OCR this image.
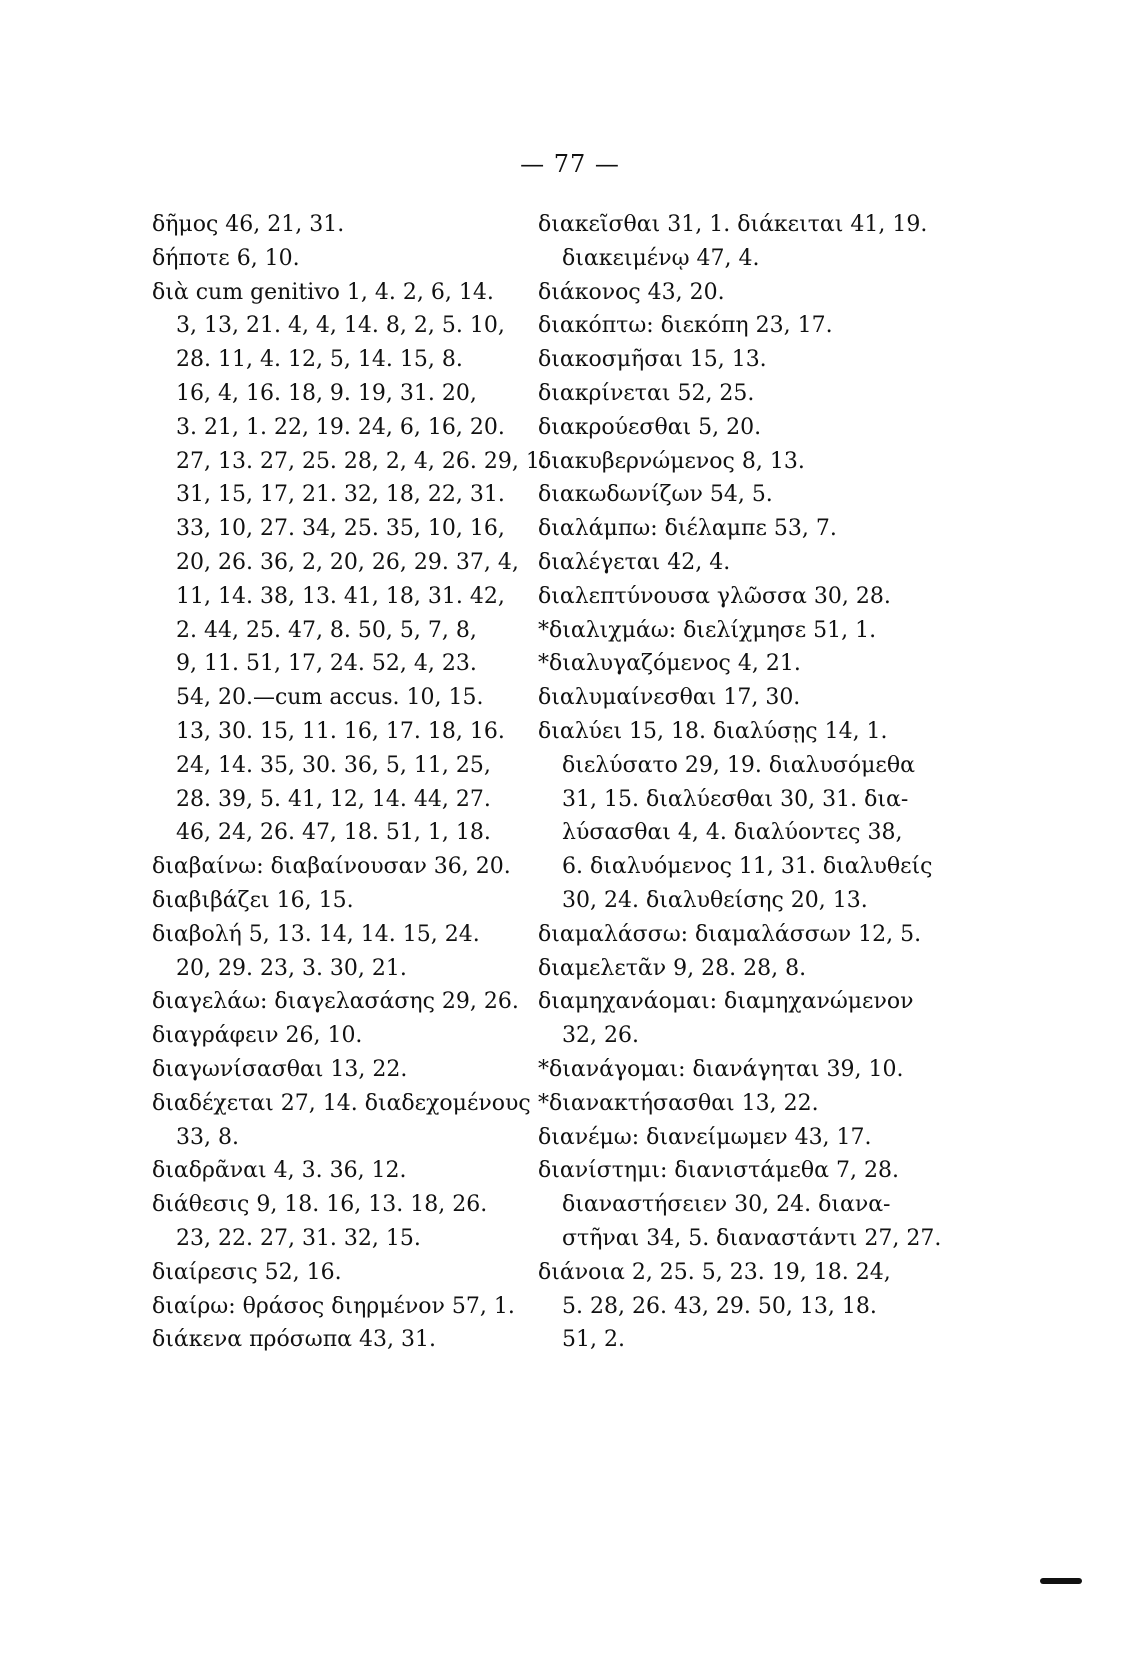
— 77 —
δῆμος 46, 21, 31.
δήποτε 6, 10.
διὰ cum genitivo 1, 4. 2, 6, 14.
3, 13, 21. 4, 4, 14. 8, 2, 5. 10,
28. 11, 4. 12, 5, 14. 15, 8.
16, 4, 16. 18, 9. 19, 31. 20,
3. 21, 1. 22, 19. 24, 6, 16, 20.
27, 13. 27, 25. 28, 2, 4, 26. 29, 1.
31, 15, 17, 21. 32, 18, 22, 31.
33, 10, 27. 34, 25. 35, 10, 16,
20, 26. 36, 2, 20, 26, 29. 37, 4,
11, 14. 38, 13. 41, 18, 31. 42,
2. 44, 25. 47, 8. 50, 5, 7, 8,
9, 11. 51, 17, 24. 52, 4, 23.
54, 20.—cum accus. 10, 15.
13, 30. 15, 11. 16, 17. 18, 16.
24, 14. 35, 30. 36, 5, 11, 25,
28. 39, 5. 41, 12, 14. 44, 27.
46, 24, 26. 47, 18. 51, 1, 18.
διαβαίνω: διαβαίνουσαν 36, 20.
διαβιβάζει 16, 15.
διαβολή 5, 13. 14, 14. 15, 24.
20, 29. 23, 3. 30, 21.
διαγελάω: διαγελασάσης 29, 26.
διαγράφειν 26, 10.
διαγωνίσασθαι 13, 22.
διαδέχεται 27, 14. διαδεχομένους
33, 8.
διαδρᾶναι 4, 3. 36, 12.
διάθεσις 9, 18. 16, 13. 18, 26.
23, 22. 27, 31. 32, 15.
διαίρεσις 52, 16.
διαίρω: θράσος διηρμένον 57, 1.
διάκενα πρόσωπα 43, 31.
διακεῖσθαι 31, 1. διάκειται 41, 19.
διακειμένῳ 47, 4.
διάκονος 43, 20.
διακόπτω: διεκόπη 23, 17.
διακοσμῆσαι 15, 13.
διακρίνεται 52, 25.
διακρούεσθαι 5, 20.
διακυβερνώμενος 8, 13.
διακωδωνίζων 54, 5.
διαλάμπω: διέλαμπε 53, 7.
διαλέγεται 42, 4.
διαλεπτύνουσα γλῶσσα 30, 28.
*διαλιχμάω: διελίχμησε 51, 1.
*διαλυγαζόμενος 4, 21.
διαλυμαίνεσθαι 17, 30.
διαλύει 15, 18. διαλύσῃς 14, 1.
διελύσατο 29, 19. διαλυσόμεθα
31, 15. διαλύεσθαι 30, 31. δια-
λύσασθαι 4, 4. διαλύοντες 38,
6. διαλυόμενος 11, 31. διαλυθείς
30, 24. διαλυθείσης 20, 13.
διαμαλάσσω: διαμαλάσσων 12, 5.
διαμελετᾶν 9, 28. 28, 8.
διαμηχανάομαι: διαμηχανώμενον
32, 26.
*διανάγομαι: διανάγηται 39, 10.
*διανακτήσασθαι 13, 22.
διανέμω: διανείμωμεν 43, 17.
διανίστημι: διανιστάμεθα 7, 28.
διαναστήσειεν 30, 24. διανα-
στῆναι 34, 5. διαναστάντι 27, 27.
διάνοια 2, 25. 5, 23. 19, 18. 24,
5. 28, 26. 43, 29. 50, 13, 18.
51, 2.
